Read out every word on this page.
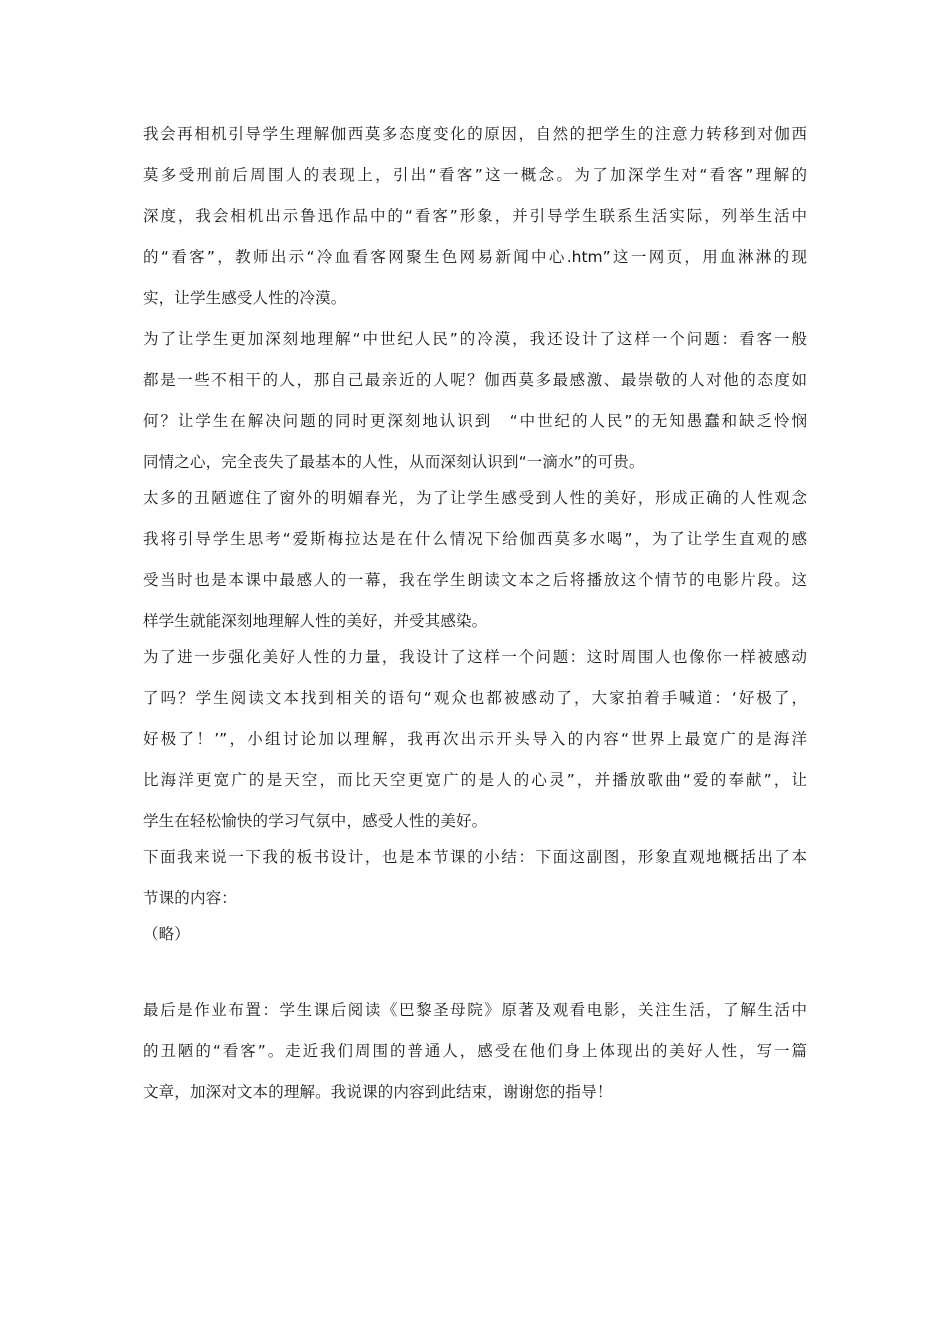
我会再相机引导学生理解伽西莫多态度变化的原因，自然的把学生的注意力转移到对伽西
莫多受刑前后周围人的表现上，引出“看客”这一概念。为了加深学生对“看客”理解的
深度，我会相机出示鲁迅作品中的“看客”形象，并引导学生联系生活实际，列举生活中
的“看客”，教师出示“冷血看客网聚生色网易新闻中心.htm”这一网页，用血淋淋的现
实，让学生感受人性的冷漠。
为了让学生更加深刻地理解“中世纪人民”的冷漠，我还设计了这样一个问题：看客一般
都是一些不相干的人，那自己最亲近的人呢？伽西莫多最感激、最崇敬的人对他的态度如
何？让学生在解决问题的同时更深刻地认识到　“中世纪的人民”的无知愚蠢和缺乏怜悯
同情之心，完全丧失了最基本的人性，从而深刻认识到“一滴水”的可贵。
太多的丑陋遮住了窗外的明媚春光，为了让学生感受到人性的美好，形成正确的人性观念
我将引导学生思考“爱斯梅拉达是在什么情况下给伽西莫多水喝”，为了让学生直观的感
受当时也是本课中最感人的一幕，我在学生朗读文本之后将播放这个情节的电影片段。这
样学生就能深刻地理解人性的美好，并受其感染。
为了进一步强化美好人性的力量，我设计了这样一个问题：这时周围人也像你一样被感动
了吗？学生阅读文本找到相关的语句“观众也都被感动了，大家拍着手喊道：‘好极了，
好极了！’”，小组讨论加以理解，我再次出示开头导入的内容“世界上最宽广的是海洋
比海洋更宽广的是天空，而比天空更宽广的是人的心灵”，并播放歌曲“爱的奉献”，让
学生在轻松愉快的学习气氛中，感受人性的美好。
下面我来说一下我的板书设计，也是本节课的小结：下面这副图，形象直观地概括出了本
节课的内容：
（略）
最后是作业布置：学生课后阅读《巴黎圣母院》原著及观看电影，关注生活，了解生活中
的丑陋的“看客”。走近我们周围的普通人，感受在他们身上体现出的美好人性，写一篇
文章，加深对文本的理解。我说课的内容到此结束，谢谢您的指导！
